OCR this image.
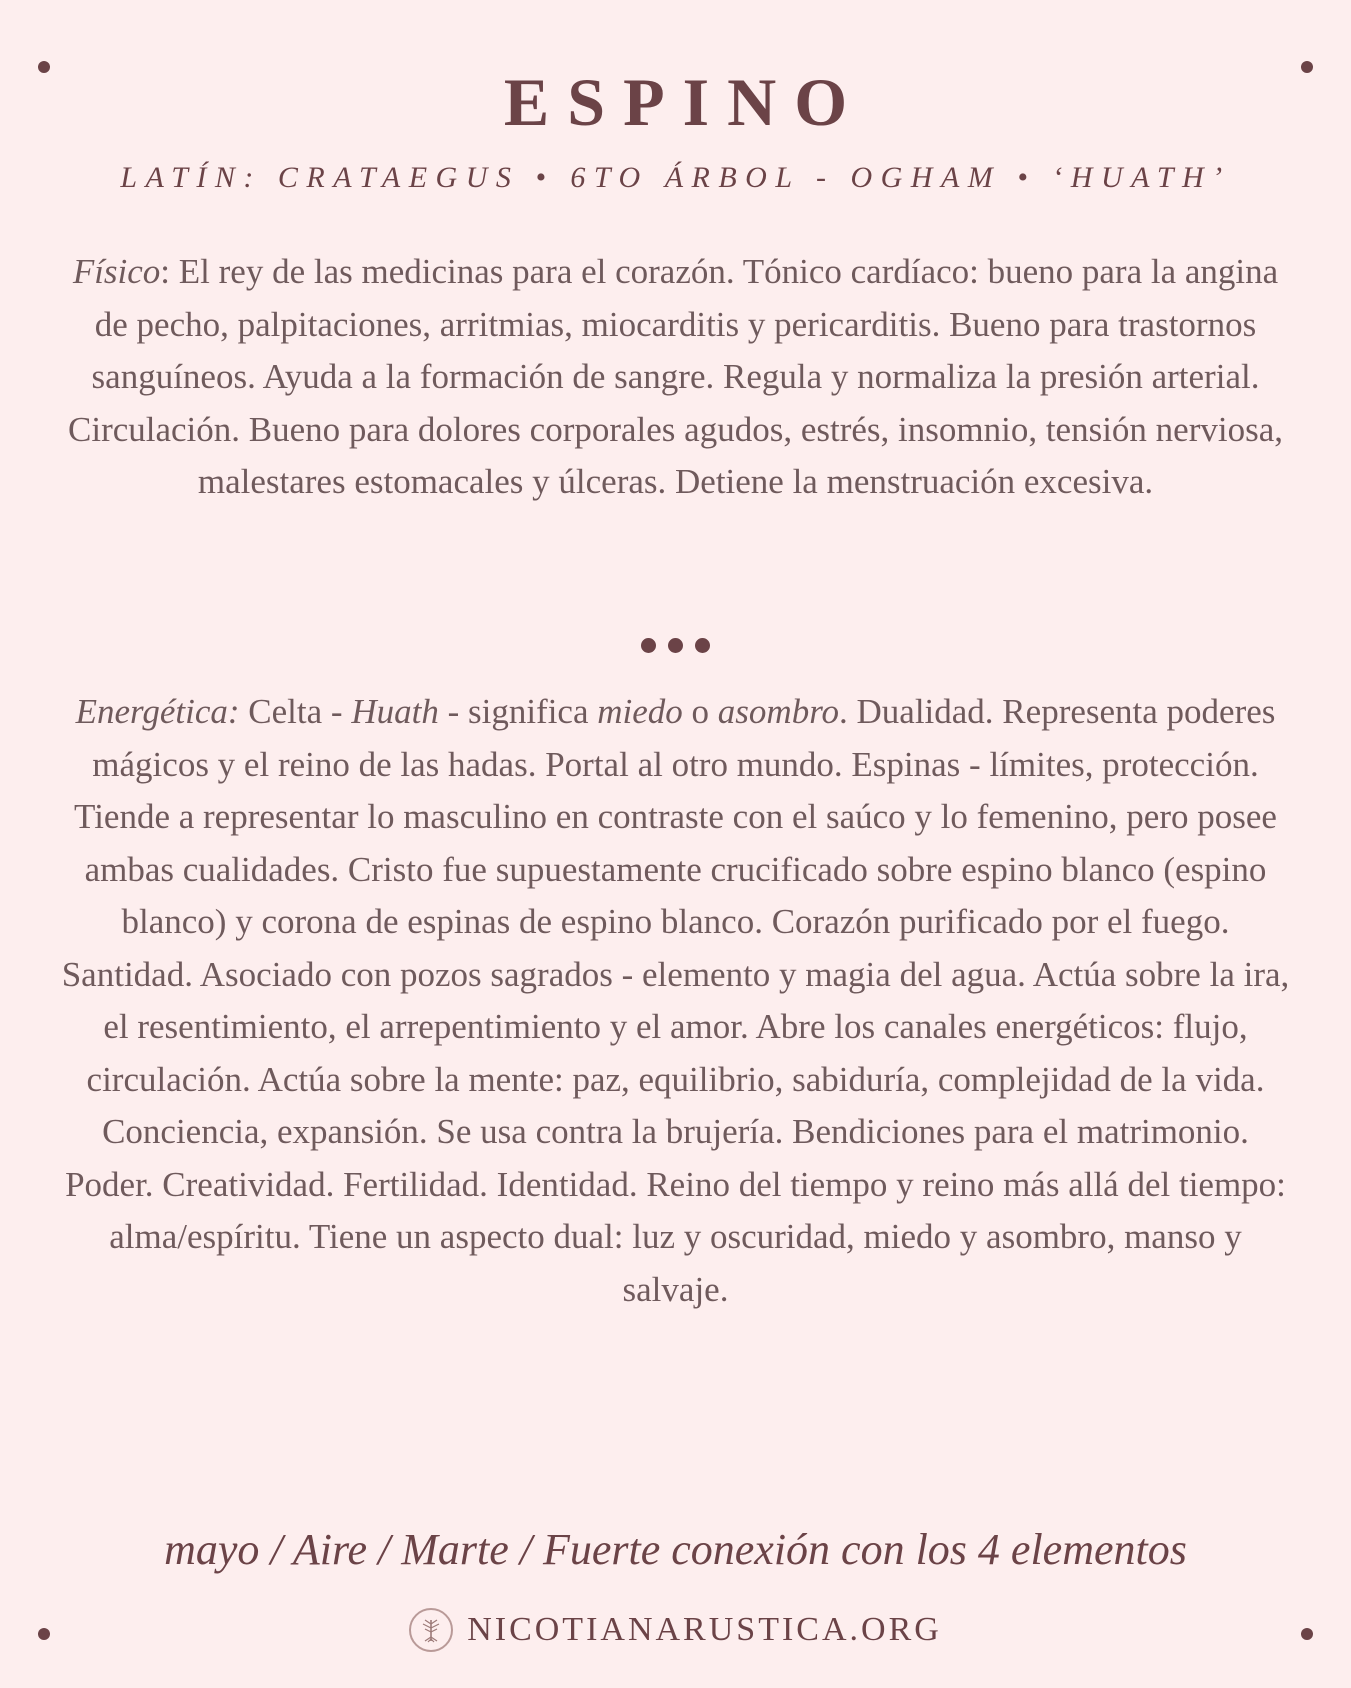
ESPINO
LATÍN: CRATAEGUS • 6TO ÁRBOL - OGHAM • ‘HUATH’

Físico: El rey de las medicinas para el corazón. Tónico cardíaco: bueno para la angina de pecho, palpitaciones, arritmias, miocarditis y pericarditis. Bueno para trastornos sanguíneos. Ayuda a la formación de sangre. Regula y normaliza la presión arterial. Circulación. Bueno para dolores corporales agudos, estrés, insomnio, tensión nerviosa, malestares estomacales y úlceras. Detiene la menstruación excesiva.

Energética: Celta - Huath - significa miedo o asombro. Dualidad. Representa poderes mágicos y el reino de las hadas. Portal al otro mundo. Espinas - límites, protección. Tiende a representar lo masculino en contraste con el saúco y lo femenino, pero posee ambas cualidades. Cristo fue supuestamente crucificado sobre espino blanco (espino blanco) y corona de espinas de espino blanco. Corazón purificado por el fuego. Santidad. Asociado con pozos sagrados - elemento y magia del agua. Actúa sobre la ira, el resentimiento, el arrepentimiento y el amor. Abre los canales energéticos: flujo, circulación. Actúa sobre la mente: paz, equilibrio, sabiduría, complejidad de la vida. Conciencia, expansión. Se usa contra la brujería. Bendiciones para el matrimonio. Poder. Creatividad. Fertilidad. Identidad. Reino del tiempo y reino más allá del tiempo: alma/espíritu. Tiene un aspecto dual: luz y oscuridad, miedo y asombro, manso y salvaje.

mayo / Aire / Marte / Fuerte conexión con los 4 elementos
NICOTIANARUSTICA.ORG
